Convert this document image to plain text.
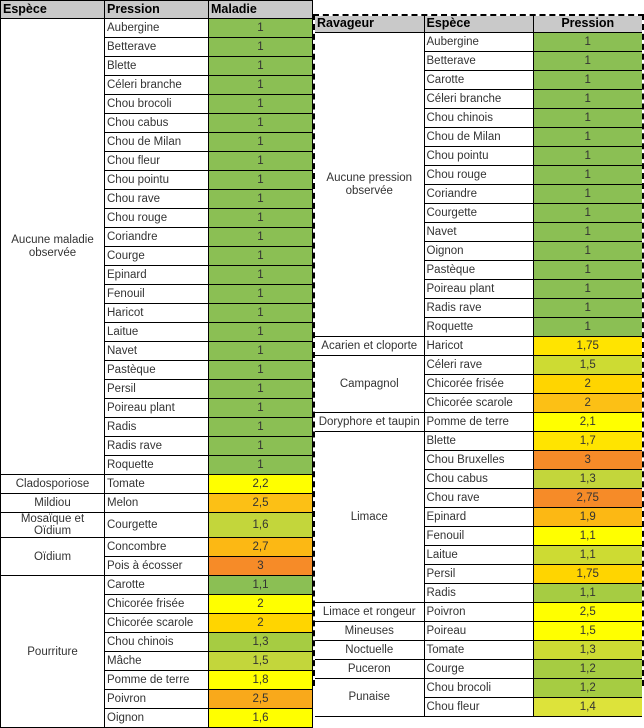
Espèce	Pression	Maladie
Aucune maladie observée	Aubergine	1
	Betterave	1
	Blette	1
	Céleri branche	1
	Chou brocoli	1
	Chou cabus	1
	Chou de Milan	1
	Chou fleur	1
	Chou pointu	1
	Chou rave	1
	Chou rouge	1
	Coriandre	1
	Courge	1
	Epinard	1
	Fenouil	1
	Haricot	1
	Laitue	1
	Navet	1
	Pastèque	1
	Persil	1
	Poireau plant	1
	Radis	1
	Radis rave	1
	Roquette	1
Cladosporiose	Tomate	2,2
Mildiou	Melon	2,5
Mosaïque et Oïdium	Courgette	1,6
Oïdium	Concombre	2,7
	Pois à écosser	3
Pourriture	Carotte	1,1
	Chicorée frisée	2
	Chicorée scarole	2
	Chou chinois	1,3
	Mâche	1,5
	Pomme de terre	1,8
	Poivron	2,5
	Oignon	1,6
Ravageur	Espèce	Pression
Aucune pression observée	Aubergine	1
	Betterave	1
	Carotte	1
	Céleri branche	1
	Chou chinois	1
	Chou de Milan	1
	Chou pointu	1
	Chou rouge	1
	Coriandre	1
	Courgette	1
	Navet	1
	Oignon	1
	Pastèque	1
	Poireau plant	1
	Radis rave	1
	Roquette	1
Acarien et cloporte	Haricot	1,75
Campagnol	Céleri rave	1,5
	Chicorée frisée	2
	Chicorée scarole	2
Doryphore et taupin	Pomme de terre	2,1
Limace	Blette	1,7
	Chou Bruxelles	3
	Chou cabus	1,3
	Chou rave	2,75
	Epinard	1,9
	Fenouil	1,1
	Laitue	1,1
	Persil	1,75
	Radis	1,1
Limace et rongeur	Poivron	2,5
Mineuses	Poireau	1,5
Noctuelle	Tomate	1,3
Puceron	Courge	1,2
Punaise	Chou brocoli	1,2
	Chou fleur	1,4
